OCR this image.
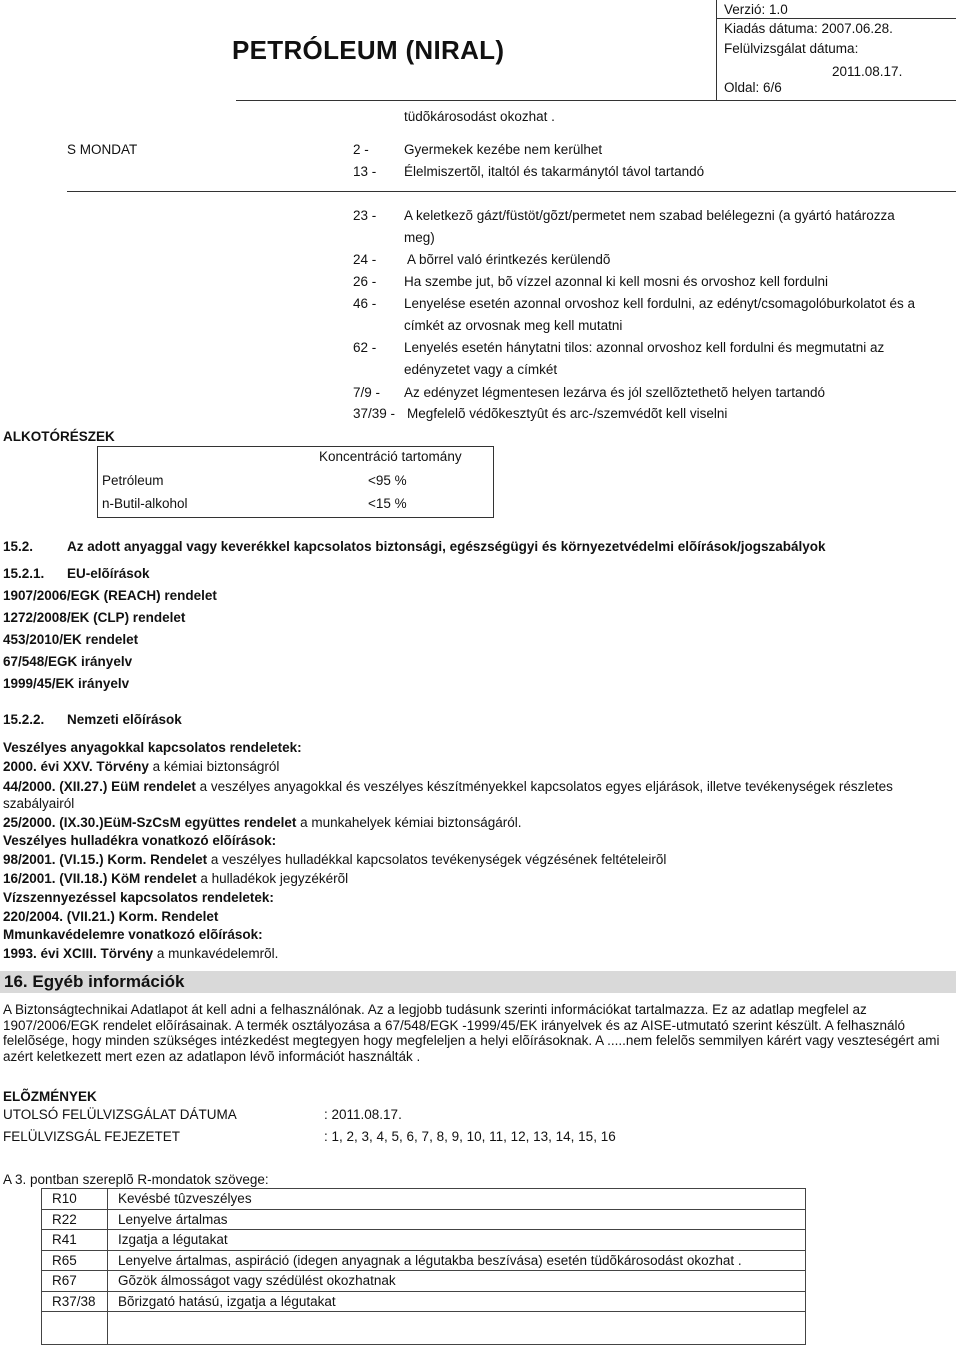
PETRÓLEUM (NIRAL)
Verzió: 1.0
Kiadás dátuma: 2007.06.28.
Felülvizsgálat dátuma:
2011.08.17.
Oldal: 6/6
tüdõkárosodást okozhat .
S MONDAT	2 -	Gyermekek kezébe nem kerülhet
13 - Élelmiszertõl, italtól és takarmánytól távol tartandó
23 - A keletkezõ gázt/füstöt/gõzt/permetet nem szabad belélegezni (a gyártó határozza
meg)
24 - A bõrrel való érintkezés kerülendõ
26 - Ha szembe jut, bõ vízzel azonnal ki kell mosni és orvoshoz kell fordulni
46 - Lenyelése esetén azonnal orvoshoz kell fordulni, az edényt/csomagolóburkolatot és a
címkét az orvosnak meg kell mutatni
62 - Lenyelés esetén hánytatni tilos: azonnal orvoshoz kell fordulni és megmutatni az
edényzetet vagy a címkét
7/9 - Az edényzet légmentesen lezárva és jól szellõztethetõ helyen tartandó
37/39 - Megfelelõ védõkesztyût és arc-/szemvédõt kell viselni
ALKOTÓRÉSZEK
Koncentráció tartomány
Petróleum	<95 %
n-Butil-alkohol	<15 %
15.2.	Az adott anyaggal vagy keverékkel kapcsolatos biztonsági, egészségügyi és környezetvédelmi elõírások/jogszabályok
15.2.1. EU-elõírások
1907/2006/EGK (REACH) rendelet
1272/2008/EK (CLP) rendelet
453/2010/EK rendelet
67/548/EGK irányelv
1999/45/EK irányelv
15.2.2. Nemzeti elõírások
Veszélyes anyagokkal kapcsolatos rendeletek:
2000. évi XXV. Törvény a kémiai biztonságról
44/2000. (XII.27.) EüM rendelet a veszélyes anyagokkal és veszélyes készítményekkel kapcsolatos egyes eljárások, illetve tevékenységek részletes
szabályairól
25/2000. (IX.30.)EüM-SzCsM együttes rendelet a munkahelyek kémiai biztonságáról.
Veszélyes hulladékra vonatkozó elõírások:
98/2001. (VI.15.) Korm. Rendelet a veszélyes hulladékkal kapcsolatos tevékenységek végzésének feltételeirõl
16/2001. (VII.18.) KöM rendelet a hulladékok jegyzékérõl
Vízszennyezéssel kapcsolatos rendeletek:
220/2004. (VII.21.) Korm. Rendelet
Mmunkavédelemre vonatkozó elõírások:
1993. évi XCIII. Törvény a munkavédelemrõl.
16. Egyéb információk
A Biztonságtechnikai Adatlapot át kell adni a felhasználónak. Az a legjobb tudásunk szerinti információkat tartalmazza. Ez az adatlap megfelel az 1907/2006/EGK rendelet elõírásainak. A termék osztályozása a 67/548/EGK -1999/45/EK irányelvek és az AISE-utmutató szerint készült. A felhasználó felelõsége, hogy minden szükséges intézkedést megtegyen hogy megfeleljen a helyi elõírásoknak. A .....nem felelõs semmilyen kárért vagy veszteségért ami azért keletkezett mert ezen az adatlapon lévõ információt használták .
ELÕZMÉNYEK
UTOLSÓ FELÜLVIZSGÁLAT DÁTUMA	: 2011.08.17.
FELÜLVIZSGÁL FEJEZETET	: 1, 2, 3, 4, 5, 6, 7, 8, 9, 10, 11, 12, 13, 14, 15, 16
A 3. pontban szereplõ R-mondatok szövege:
R10	Kevésbé tûzveszélyes
R22	Lenyelve ártalmas
R41	Izgatja a légutakat
R65	Lenyelve ártalmas, aspiráció (idegen anyagnak a légutakba beszívása) esetén tüdõkárosodást okozhat .
R67	Gõzök álmosságot vagy szédülést okozhatnak
R37/38	Bõrizgató hatású, izgatja a légutakat
